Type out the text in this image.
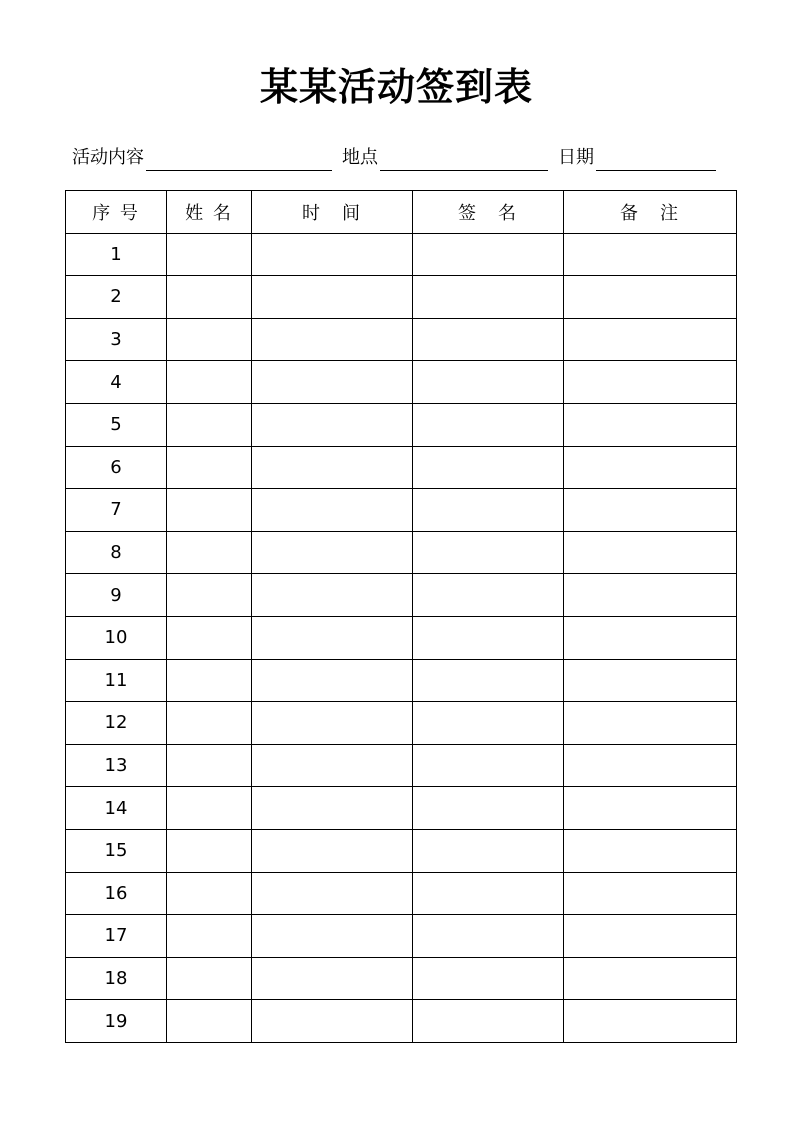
某某活动签到表
活动内容	地点	日期
序 号	姓 名	时　间	签　名	备　注
1				
2				
3				
4				
5				
6				
7				
8				
9				
10				
11				
12				
13				
14				
15				
16				
17				
18				
19				
